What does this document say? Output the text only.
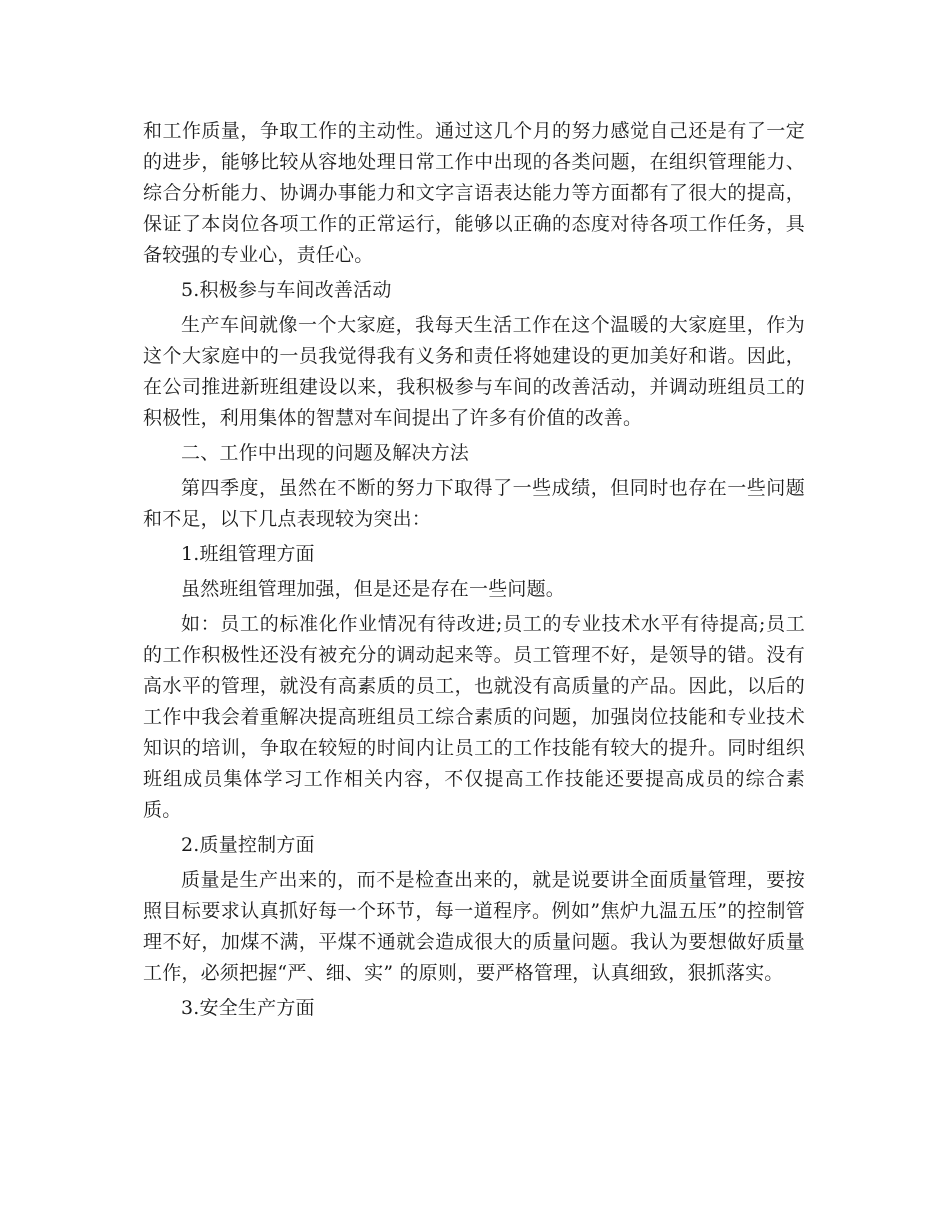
和工作质量，争取工作的主动性。通过这几个月的努力感觉自己还是有了一定的进步，能够比较从容地处理日常工作中出现的各类问题，在组织管理能力、综合分析能力、协调办事能力和文字言语表达能力等方面都有了很大的提高，保证了本岗位各项工作的正常运行，能够以正确的态度对待各项工作任务，具备较强的专业心，责任心。

5.积极参与车间改善活动

生产车间就像一个大家庭，我每天生活工作在这个温暖的大家庭里，作为这个大家庭中的一员我觉得我有义务和责任将她建设的更加美好和谐。因此，在公司推进新班组建设以来，我积极参与车间的改善活动，并调动班组员工的积极性，利用集体的智慧对车间提出了许多有价值的改善。

二、工作中出现的问题及解决方法

第四季度，虽然在不断的努力下取得了一些成绩，但同时也存在一些问题和不足，以下几点表现较为突出：

1.班组管理方面

虽然班组管理加强，但是还是存在一些问题。

如：员工的标准化作业情况有待改进;员工的专业技术水平有待提高;员工的工作积极性还没有被充分的调动起来等。员工管理不好，是领导的错。没有高水平的管理，就没有高素质的员工，也就没有高质量的产品。因此，以后的工作中我会着重解决提高班组员工综合素质的问题，加强岗位技能和专业技术知识的培训，争取在较短的时间内让员工的工作技能有较大的提升。同时组织班组成员集体学习工作相关内容，不仅提高工作技能还要提高成员的综合素质。

2.质量控制方面

质量是生产出来的，而不是检查出来的，就是说要讲全面质量管理，要按照目标要求认真抓好每一个环节，每一道程序。例如”焦炉九温五压”的控制管理不好，加煤不满，平煤不通就会造成很大的质量问题。我认为要想做好质量工作，必须把握“严、细、实” 的原则，要严格管理，认真细致，狠抓落实。

3.安全生产方面
